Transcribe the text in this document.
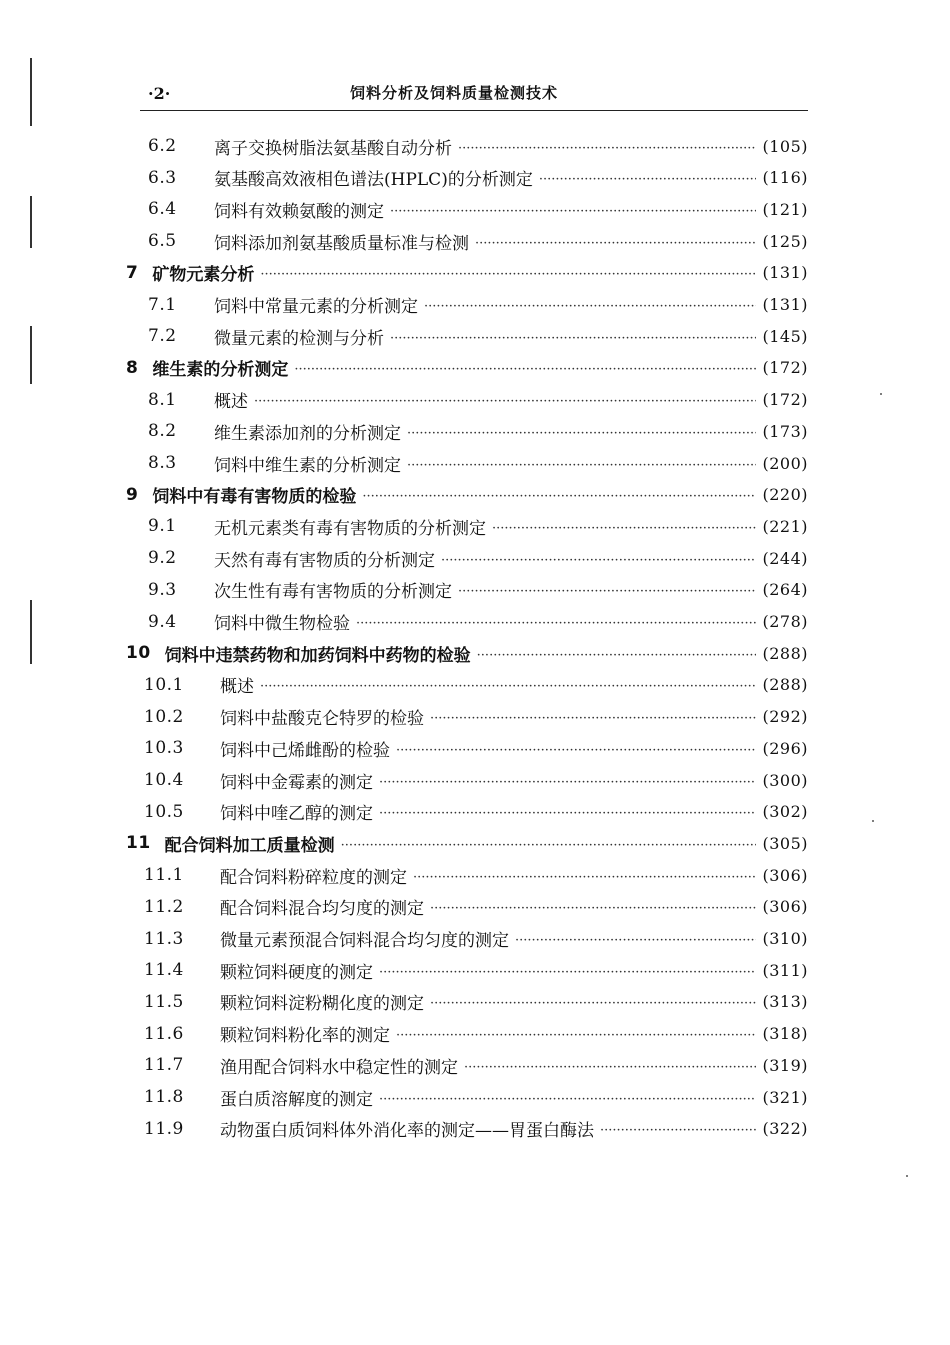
·2·	饲料分析及饲料质量检测技术
6.2	离子交换树脂法氨基酸自动分析 ·····	(105)
6.3	氨基酸高效液相色谱法(HPLC)的分析测定 ·····	(116)
6.4	饲料有效赖氨酸的测定 ·····	(121)
6.5	饲料添加剂氨基酸质量标准与检测 ·····	(125)
7 矿物元素分析 ·····	(131)
7.1	饲料中常量元素的分析测定 ·····	(131)
7.2	微量元素的检测与分析 ·····	(145)
8 维生素的分析测定 ·····	(172)
8.1	概述 ·····	(172)
8.2	维生素添加剂的分析测定 ·····	(173)
8.3	饲料中维生素的分析测定 ·····	(200)
9 饲料中有毒有害物质的检验 ·····	(220)
9.1	无机元素类有毒有害物质的分析测定 ·····	(221)
9.2	天然有毒有害物质的分析测定 ·····	(244)
9.3	次生性有毒有害物质的分析测定 ·····	(264)
9.4	饲料中微生物检验 ·····	(278)
10 饲料中违禁药物和加药饲料中药物的检验 ·····	(288)
10.1	概述 ·····	(288)
10.2	饲料中盐酸克仑特罗的检验 ·····	(292)
10.3	饲料中己烯雌酚的检验 ·····	(296)
10.4	饲料中金霉素的测定 ·····	(300)
10.5	饲料中喹乙醇的测定 ·····	(302)
11 配合饲料加工质量检测 ·····	(305)
11.1	配合饲料粉碎粒度的测定 ·····	(306)
11.2	配合饲料混合均匀度的测定 ·····	(306)
11.3	微量元素预混合饲料混合均匀度的测定 ·····	(310)
11.4	颗粒饲料硬度的测定 ·····	(311)
11.5	颗粒饲料淀粉糊化度的测定 ·····	(313)
11.6	颗粒饲料粉化率的测定 ·····	(318)
11.7	渔用配合饲料水中稳定性的测定 ·····	(319)
11.8	蛋白质溶解度的测定 ·····	(321)
11.9	动物蛋白质饲料体外消化率的测定——胃蛋白酶法 ·····	(322)
